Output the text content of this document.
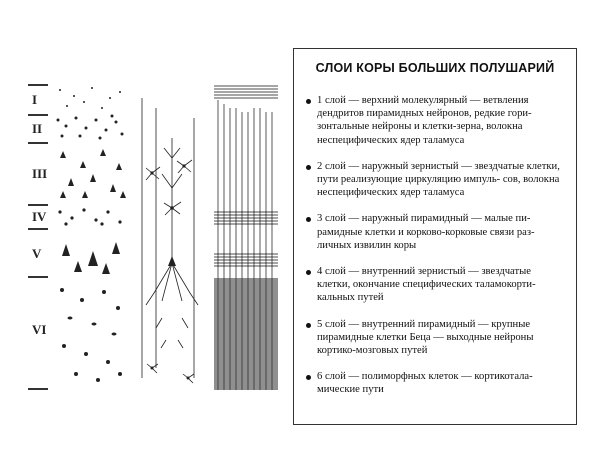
I
II
III
IV
V
VI
СЛОИ КОРЫ БОЛЬШИХ ПОЛУШАРИЙ
1 слой — верхний молекулярный — ветвления дендритов пирамидных нейронов, редкие гори- зонтальные нейроны и клетки-зерна, волокна неспецифических ядер таламуса
2 слой — наружный зернистый — звездчатые клетки, пути реализующие циркуляцию импуль- сов, волокна неспецифических ядер таламуса
3 слой — наружный пирамидный — малые пи- рамидные клетки и корково-корковые связи раз- личных извилин коры
4 слой — внутренний зернистый — звездчатые клетки, окончание специфических таламокорти- кальных путей
5 слой — внутренний пирамидный — крупные пирамидные клетки Беца — выходные нейроны кортико-мозговых путей
6 слой — полиморфных клеток — кортикотала- мические пути
